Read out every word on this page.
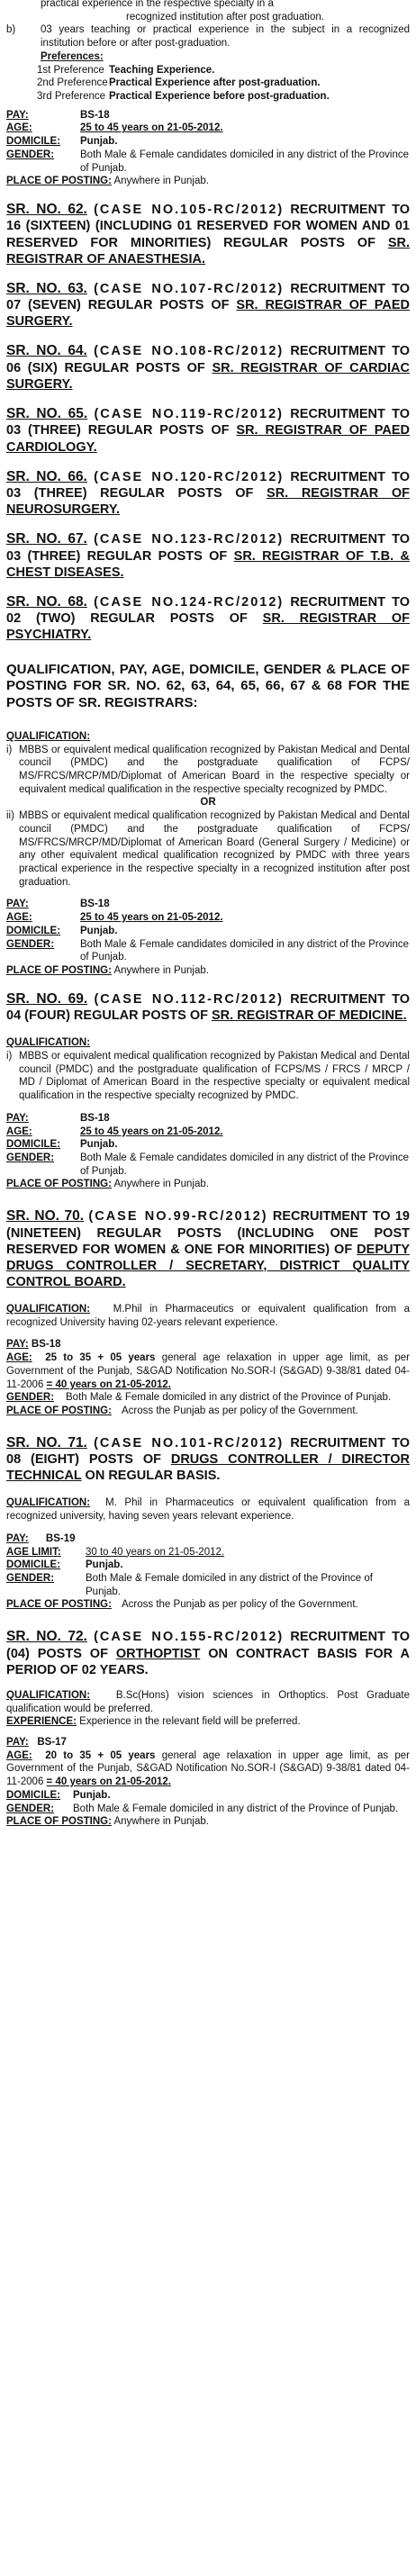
practical experience in the respective specialty in a

recognized institution after post graduation.

b)	03 years teaching or practical experience in the subject in a recognized institution before or after post-graduation.

Preferences:

1st Preference Teaching Experience.
2nd Preference Practical Experience after post-graduation.
3rd Preference Practical Experience before post-graduation.
PAY:	BS-18
AGE:	25 to 45 years on 21-05-2012.
DOMICILE:	Punjab.
GENDER:	Both Male & Female candidates domiciled in any district of the Province of Punjab.

PLACE OF POSTING: Anywhere in Punjab.

SR. NO. 62. (CASE NO.105-RC/2012) RECRUITMENT TO 16 (SIXTEEN) (INCLUDING 01 RESERVED FOR WOMEN AND 01 RESERVED FOR MINORITIES) REGULAR POSTS OF SR. REGISTRAR OF ANAESTHESIA.
SR. NO. 63. (CASE NO.107-RC/2012) RECRUITMENT TO 07 (SEVEN) REGULAR POSTS OF SR. REGISTRAR OF PAED SURGERY.
SR. NO. 64. (CASE NO.108-RC/2012) RECRUITMENT TO 06 (SIX) REGULAR POSTS OF SR. REGISTRAR OF CARDIAC SURGERY.
SR. NO. 65. (CASE NO.119-RC/2012) RECRUITMENT TO 03 (THREE) REGULAR POSTS OF SR. REGISTRAR OF PAED CARDIOLOGY.
SR. NO. 66. (CASE NO.120-RC/2012) RECRUITMENT TO 03 (THREE) REGULAR POSTS OF SR. REGISTRAR OF NEUROSURGERY.
SR. NO. 67. (CASE NO.123-RC/2012) RECRUITMENT TO 03 (THREE) REGULAR POSTS OF SR. REGISTRAR OF T.B. & CHEST DISEASES.
SR. NO. 68. (CASE NO.124-RC/2012) RECRUITMENT TO 02 (TWO) REGULAR POSTS OF SR. REGISTRAR OF PSYCHIATRY.

QUALIFICATION, PAY, AGE, DOMICILE, GENDER & PLACE OF POSTING FOR SR. NO. 62, 63, 64, 65, 66, 67 & 68 FOR THE POSTS OF SR. REGISTRARS:

QUALIFICATION:

i) MBBS or equivalent medical qualification recognized by Pakistan Medical and Dental council (PMDC) and the postgraduate qualification of FCPS/ MS/FRCS/MRCP/MD/Diplomat of American Board in the respective specialty or equivalent medical qualification in the respective specialty recognized by PMDC.

OR

ii) MBBS or equivalent medical qualification recognized by Pakistan Medical and Dental council (PMDC) and the postgraduate qualification of FCPS/ MS/FRCS/MRCP/MD/Diplomat of American Board (General Surgery / Medicine) or any other equivalent medical qualification recognized by PMDC with three years practical experience in the respective specialty in a recognized institution after post graduation.

PAY:	BS-18
AGE:	25 to 45 years on 21-05-2012.
DOMICILE:	Punjab.
GENDER:	Both Male & Female candidates domiciled in any district of the Province of Punjab.

PLACE OF POSTING: Anywhere in Punjab.

SR. NO. 69. (CASE NO.112-RC/2012) RECRUITMENT TO 04 (FOUR) REGULAR POSTS OF SR. REGISTRAR OF MEDICINE.

QUALIFICATION:

i) MBBS or equivalent medical qualification recognized by Pakistan Medical and Dental council (PMDC) and the postgraduate qualification of FCPS/MS / FRCS / MRCP / MD / Diplomat of American Board in the respective specialty or equivalent medical qualification in the respective specialty recognized by PMDC.

PAY:	BS-18
AGE:	25 to 45 years on 21-05-2012.
DOMICILE:	Punjab.
GENDER:	Both Male & Female candidates domiciled in any district of the Province of Punjab.

PLACE OF POSTING: Anywhere in Punjab.

SR. NO. 70. (CASE NO.99-RC/2012) RECRUITMENT TO 19 (NINETEEN) REGULAR POSTS (INCLUDING ONE POST RESERVED FOR WOMEN & ONE FOR MINORITIES) OF DEPUTY DRUGS CONTROLLER / SECRETARY, DISTRICT QUALITY CONTROL BOARD.

QUALIFICATION: M.Phil in Pharmaceutics or equivalent qualification from a recognized University having 02-years relevant experience.

PAY: BS-18

AGE: 25 to 35 + 05 years general age relaxation in upper age limit, as per Government of the Punjab, S&GAD Notification No.SOR-I (S&GAD) 9-38/81 dated 04-11-2006 = 40 years on 21-05-2012.

GENDER:	Both Male & Female domiciled in any district of the Province of Punjab.
PLACE OF POSTING: Across the Punjab as per policy of the Government.
SR. NO. 71. (CASE NO.101-RC/2012) RECRUITMENT TO 08 (EIGHT) POSTS OF DRUGS CONTROLLER / DIRECTOR TECHNICAL ON REGULAR BASIS.

QUALIFICATION: M. Phil in Pharmaceutics or equivalent qualification from a recognized university, having seven years relevant experience.

PAY: BS-19

AGE LIMIT:	30 to 40 years on 21-05-2012.
DOMICILE:	Punjab.
GENDER:	Both Male & Female domiciled in any district of the Province of Punjab.
PLACE OF POSTING: Across the Punjab as per policy of the Government.
SR. NO. 72. (CASE NO.155-RC/2012) RECRUITMENT TO (04) POSTS OF ORTHOPTIST ON CONTRACT BASIS FOR A PERIOD OF 02 YEARS.

QUALIFICATION:	B.Sc(Hons) vision sciences in Orthoptics. Post Graduate qualification would be preferred.

EXPERIENCE: Experience in the relevant field will be preferred.

PAY: BS-17

AGE: 20 to 35 + 05 years general age relaxation in upper age limit, as per Government of the Punjab, S&GAD Notification No.SOR-I (S&GAD) 9-38/81 dated 04-11-2006 = 40 years on 21-05-2012.

DOMICILE:	Punjab.
GENDER:	Both Male & Female domiciled in any district of the Province of Punjab.

PLACE OF POSTING: Anywhere in Punjab.
